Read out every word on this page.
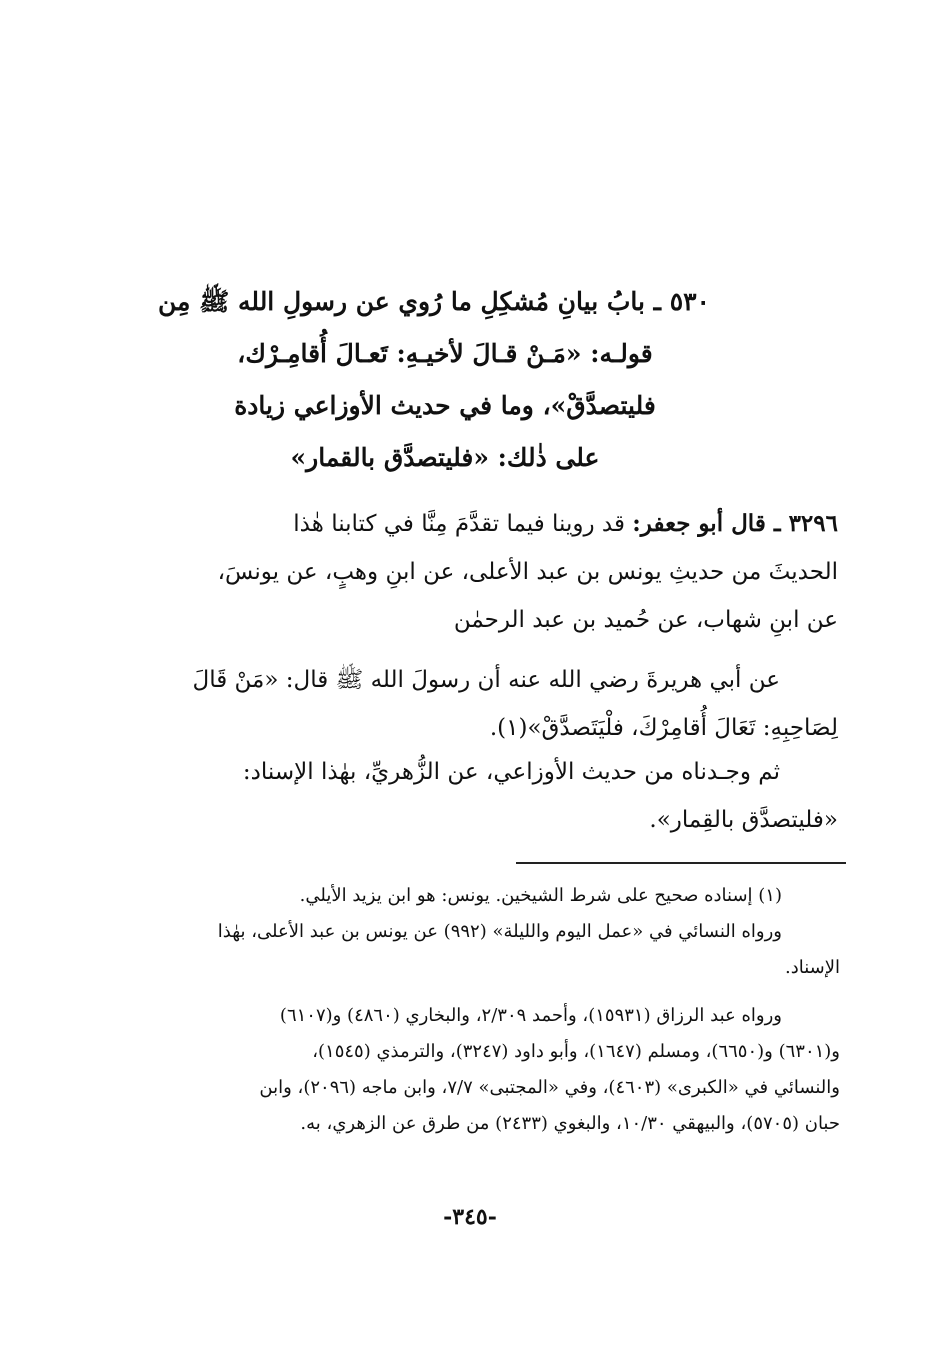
٥٣٠ ـ بابُ بيانِ مُشكِلِ ما رُوي عن رسولِ الله ﷺ مِن
قولـه: «مَـنْ قـالَ لأخيـهِ: تَعـالَ أُقامِـرْك،
فليتصدَّقْ»، وما في حديث الأوزاعي زيادة
على ذٰلك: «فليتصدَّق بالقمار»
٣٢٩٦ ـ قال أبو جعفر: قد روينا فيما تقدَّمَ مِنَّا في كتابنا هٰذا
الحديثَ من حديثِ يونس بن عبد الأعلى، عن ابنِ وهبٍ، عن يونسَ،
عن ابنِ شهاب، عن حُميد بن عبد الرحمٰن
عن أبي هريرةَ رضي الله عنه أن رسولَ الله ﷺ قال: «مَنْ قَالَ
لِصَاحِبِهِ: تَعَالَ أُقامِرْكَ، فلْيَتَصدَّقْ»(١).
ثم وجـدناه من حديث الأوزاعي، عن الزُّهريِّ، بهٰذا الإسناد:
«فليتصدَّق بالقِمار».
(١) إسناده صحيح على شرط الشيخين. يونس: هو ابن يزيد الأيلي.
ورواه النسائي في «عمل اليوم والليلة» (٩٩٢) عن يونس بن عبد الأعلى، بهٰذا
الإسناد.
ورواه عبد الرزاق (١٥٩٣١)، وأحمد ٢/٣٠٩، والبخاري (٤٨٦٠) و(٦١٠٧)
و(٦٣٠١) و(٦٦٥٠)، ومسلم (١٦٤٧)، وأبو داود (٣٢٤٧)، والترمذي (١٥٤٥)،
والنسائي في «الكبرى» (٤٦٠٣)، وفي «المجتبى» ٧/٧، وابن ماجه (٢٠٩٦)، وابن
حبان (٥٧٠٥)، والبيهقي ١٠/٣٠، والبغوي (٢٤٣٣) من طرق عن الزهري، به.
-٣٤٥-
